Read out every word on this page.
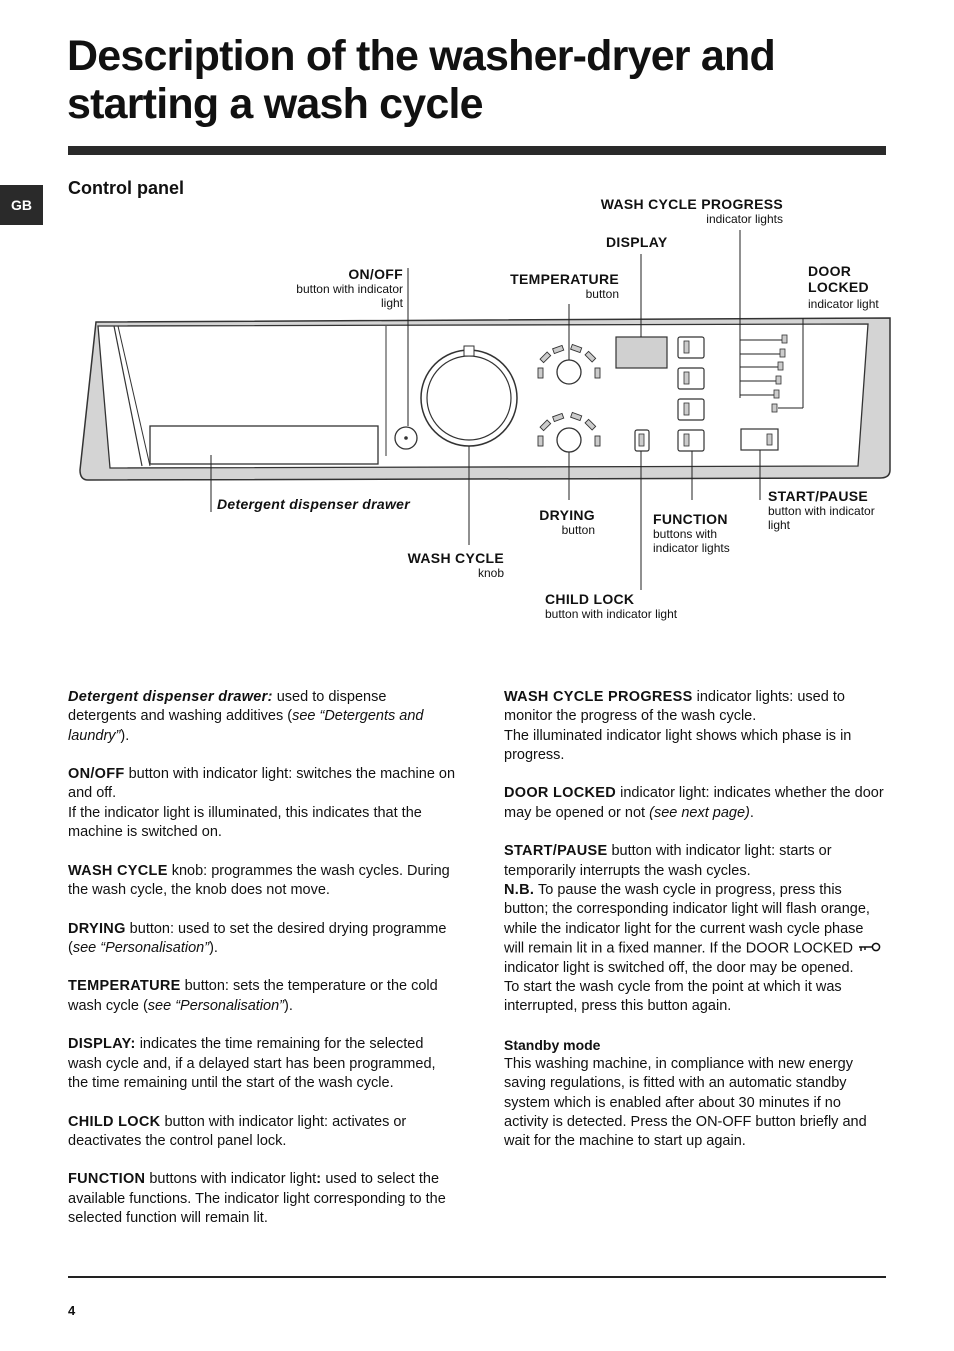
Description of the washer-dryer and
starting a wash cycle
GB
Control panel
WASH CYCLE PROGRESS
indicator lights
DISPLAY
DOOR
LOCKED
indicator light
ON/OFF
button with indicator
light
TEMPERATURE
button
Detergent dispenser drawer
DRYING
button
FUNCTION
buttons with
indicator lights
START/PAUSE
button with indicator
light
WASH CYCLE
knob
CHILD LOCK
button with indicator light

Detergent dispenser drawer: used to dispense detergents and washing additives (see “Detergents and laundry”).

ON/OFF button with indicator light: switches the machine on and off.
If the indicator light is illuminated, this indicates that the machine is switched on.

WASH CYCLE knob: programmes the wash cycles. During the wash cycle, the knob does not move.

DRYING button: used to set the desired drying programme (see “Personalisation”).

TEMPERATURE button: sets the temperature or the cold wash cycle (see “Personalisation”).

DISPLAY: indicates the time remaining for the selected wash cycle and, if a delayed start has been programmed, the time remaining until the start of the wash cycle.

CHILD LOCK button with indicator light: activates or deactivates the control panel lock.

FUNCTION buttons with indicator light: used to select the available functions. The indicator light corresponding to the selected function will remain lit.

WASH CYCLE PROGRESS indicator lights: used to monitor the progress of the wash cycle.
The illuminated indicator light shows which phase is in progress.

DOOR LOCKED indicator light: indicates whether the door may be opened or not (see next page).

START/PAUSE button with indicator light: starts or temporarily interrupts the wash cycles.
N.B. To pause the wash cycle in progress, press this button; the corresponding indicator light will flash orange, while the indicator light for the current wash cycle phase will remain lit in a fixed manner. If the DOOR LOCKED  indicator light is switched off, the door may be opened.
To start the wash cycle from the point at which it was interrupted, press this button again.

Standby mode
This washing machine, in compliance with new energy saving regulations, is fitted with an automatic standby system which is enabled after about 30 minutes if no activity is detected. Press the ON-OFF button briefly and wait for the machine to start up again.

4
